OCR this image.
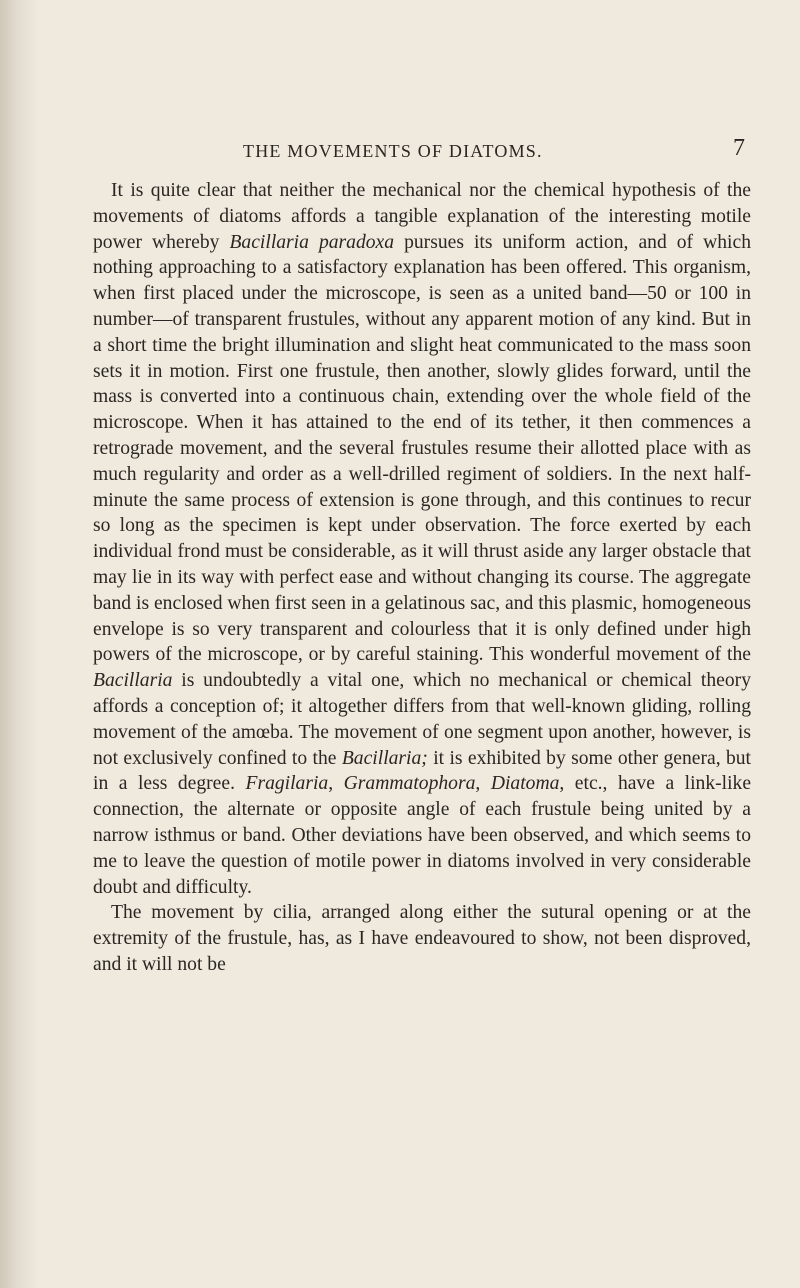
THE MOVEMENTS OF DIATOMS.	7

It is quite clear that neither the mechanical nor the chemical hypothesis of the movements of diatoms affords a tangible explanation of the interesting motile power whereby Bacillaria paradoxa pursues its uniform action, and of which nothing approaching to a satisfactory explanation has been offered. This organism, when first placed under the microscope, is seen as a united band—50 or 100 in number—of transparent frustules, without any apparent motion of any kind. But in a short time the bright illumination and slight heat communicated to the mass soon sets it in motion. First one frustule, then another, slowly glides forward, until the mass is converted into a continuous chain, extending over the whole field of the microscope. When it has attained to the end of its tether, it then commences a retrograde movement, and the several frustules resume their allotted place with as much regularity and order as a well-drilled regiment of soldiers. In the next half-minute the same process of extension is gone through, and this continues to recur so long as the specimen is kept under observation. The force exerted by each individual frond must be considerable, as it will thrust aside any larger obstacle that may lie in its way with perfect ease and without changing its course. The aggregate band is enclosed when first seen in a gelatinous sac, and this plasmic, homogeneous envelope is so very transparent and colourless that it is only defined under high powers of the microscope, or by careful staining. This wonderful movement of the Bacillaria is undoubtedly a vital one, which no mechanical or chemical theory affords a conception of; it altogether differs from that well-known gliding, rolling movement of the amœba. The movement of one segment upon another, however, is not exclusively confined to the Bacillaria; it is exhibited by some other genera, but in a less degree. Fragilaria, Grammatophora, Diatoma, etc., have a link-like connection, the alternate or opposite angle of each frustule being united by a narrow isthmus or band. Other deviations have been observed, and which seems to me to leave the question of motile power in diatoms involved in very considerable doubt and difficulty.

The movement by cilia, arranged along either the sutural opening or at the extremity of the frustule, has, as I have endeavoured to show, not been disproved, and it will not be
